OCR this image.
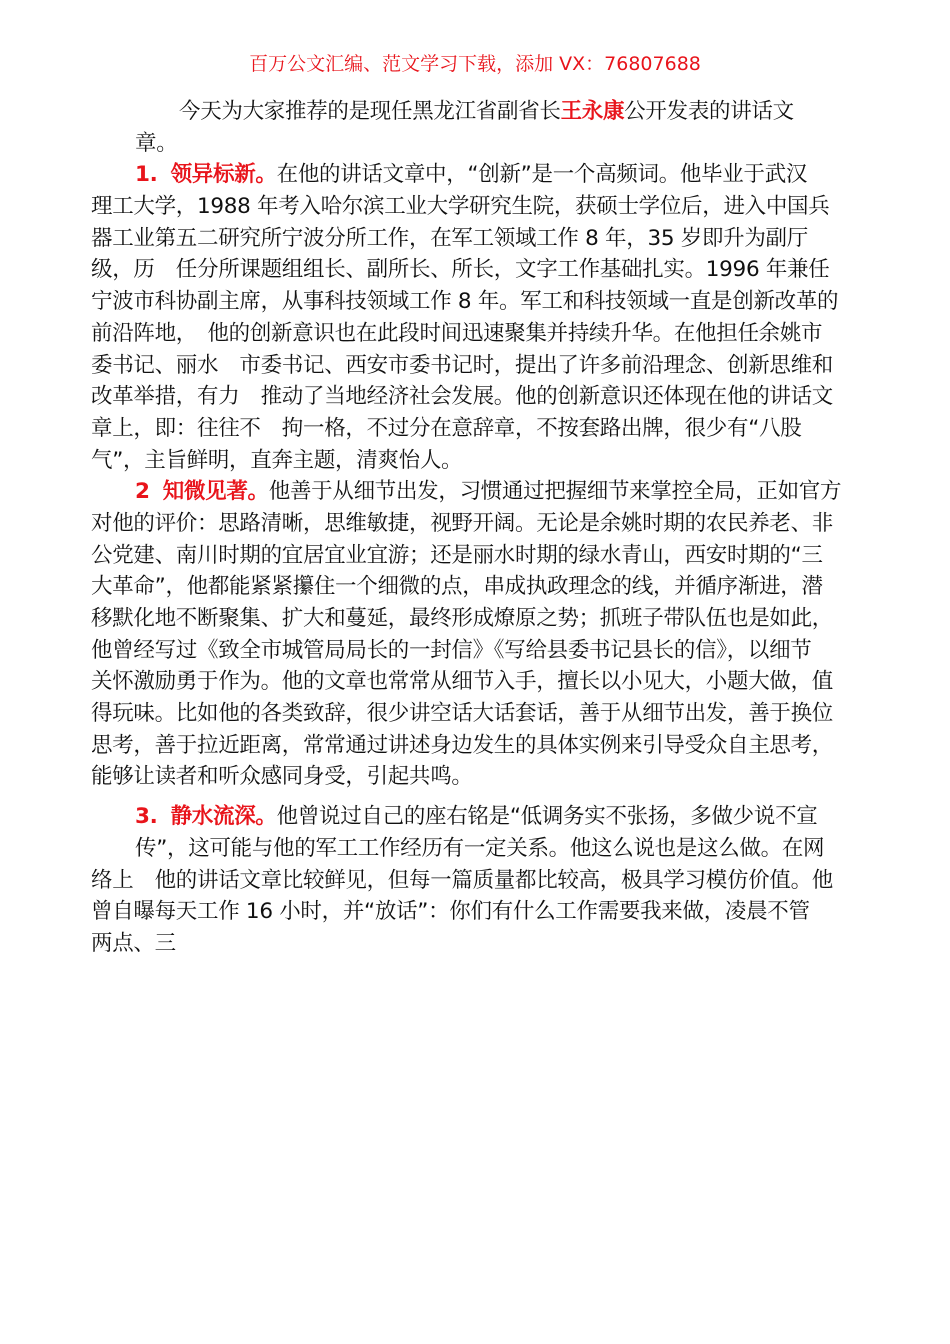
百万公文汇编、范文学习下载，添加 VX：76807688
今天为大家推荐的是现任黑龙江省副省长王永康公开发表的讲话文
章。
1. 领异标新。在他的讲话文章中，“创新”是一个高频词。他毕业于武汉
理工大学，1988 年考入哈尔滨工业大学研究生院，获硕士学位后，进入中国兵
器工业第五二研究所宁波分所工作，在军工领域工作 8 年，35 岁即升为副厅
级，历　任分所课题组组长、副所长、所长，文字工作基础扎实。1996 年兼任
宁波市科协副主席，从事科技领域工作 8 年。军工和科技领域一直是创新改革的
前沿阵地，　他的创新意识也在此段时间迅速聚集并持续升华。在他担任余姚市
委书记、丽水　市委书记、西安市委书记时，提出了许多前沿理念、创新思维和
改革举措，有力　推动了当地经济社会发展。他的创新意识还体现在他的讲话文
章上，即：往往不　拘一格，不过分在意辞章，不按套路出牌，很少有“八股
气”，主旨鲜明，直奔主题，清爽怡人。
2 知微见著。他善于从细节出发，习惯通过把握细节来掌控全局，正如官方
对他的评价：思路清晰，思维敏捷，视野开阔。无论是余姚时期的农民养老、非
公党建、南川时期的宜居宜业宜游；还是丽水时期的绿水青山，西安时期的“三
大革命”，他都能紧紧攥住一个细微的点，串成执政理念的线，并循序渐进，潜
移默化地不断聚集、扩大和蔓延，最终形成燎原之势；抓班子带队伍也是如此，
他曾经写过《致全市城管局局长的一封信》《写给县委书记县长的信》，以细节
关怀激励勇于作为。他的文章也常常从细节入手，擅长以小见大，小题大做，值
得玩味。比如他的各类致辞，很少讲空话大话套话，善于从细节出发，善于换位
思考，善于拉近距离，常常通过讲述身边发生的具体实例来引导受众自主思考，
能够让读者和听众感同身受，引起共鸣。
3. 静水流深。他曾说过自己的座右铭是“低调务实不张扬，多做少说不宣
传”，这可能与他的军工工作经历有一定关系。他这么说也是这么做。在网
络上　他的讲话文章比较鲜见，但每一篇质量都比较高，极具学习模仿价值。他
曾自曝每天工作 16 小时，并“放话”：你们有什么工作需要我来做，凌晨不管
两点、三
